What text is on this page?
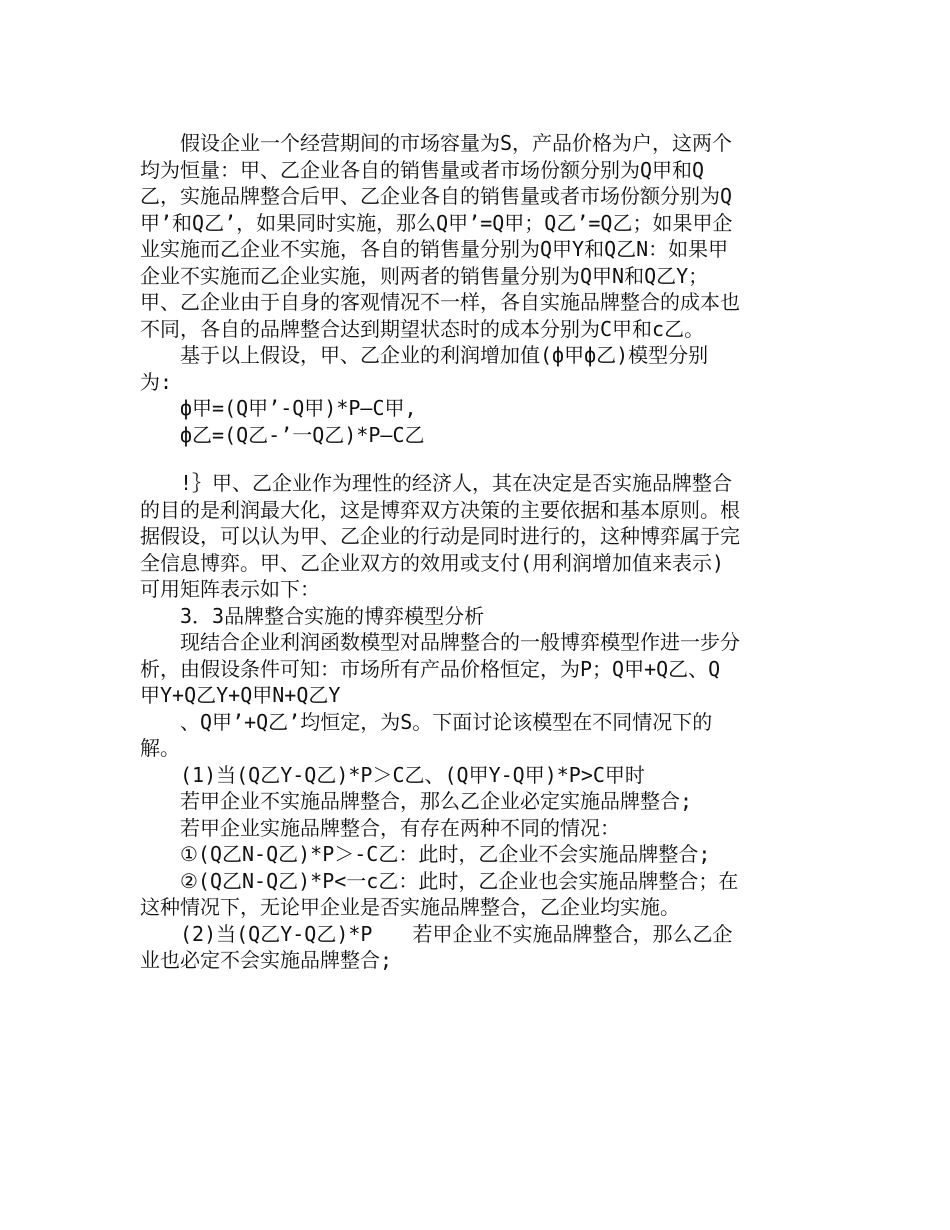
假设企业一个经营期间的市场容量为S，产品价格为户，这两个均为恒量：甲、乙企业各自的销售量或者市场份额分别为Q甲和Q乙，实施品牌整合后甲、乙企业各自的销售量或者市场份额分别为Q甲’和Q乙’，如果同时实施，那么Q甲’=Q甲；Q乙’=Q乙；如果甲企业实施而乙企业不实施，各自的销售量分别为Q甲Y和Q乙N：如果甲企业不实施而乙企业实施，则两者的销售量分别为Q甲N和Q乙Y；甲、乙企业由于自身的客观情况不一样，各自实施品牌整合的成本也不同，各自的品牌整合达到期望状态时的成本分别为C甲和c乙。

基于以上假设，甲、乙企业的利润增加值(ф甲ф乙)模型分别为:

ф甲=(Q甲’-Q甲)*P—C甲,

ф乙=(Q乙-’一Q乙)*P—C乙

!｝甲、乙企业作为理性的经济人，其在决定是否实施品牌整合的目的是利润最大化，这是博弈双方决策的主要依据和基本原则。根据假设，可以认为甲、乙企业的行动是同时进行的，这种博弈属于完全信息博弈。甲、乙企业双方的效用或支付(用利润增加值来表示)可用矩阵表示如下：

3．3品牌整合实施的博弈模型分析

现结合企业利润函数模型对品牌整合的一般博弈模型作进一步分析，由假设条件可知：市场所有产品价格恒定，为P；Q甲+Q乙、Q甲Y+Q乙Y+Q甲N+Q乙Y

、Q甲’+Q乙’均恒定，为S。下面讨论该模型在不同情况下的解。

(1)当(Q乙Y-Q乙)*P＞C乙、(Q甲Y-Q甲)*P>C甲时

若甲企业不实施品牌整合，那么乙企业必定实施品牌整合;

若甲企业实施品牌整合，有存在两种不同的情况：

①(Q乙N-Q乙)*P＞-C乙：此时，乙企业不会实施品牌整合;

②(Q乙N-Q乙)*P<一c乙：此时，乙企业也会实施品牌整合；在这种情况下，无论甲企业是否实施品牌整合，乙企业均实施。

(2)当(Q乙Y-Q乙)*P　　若甲企业不实施品牌整合，那么乙企业也必定不会实施品牌整合;
